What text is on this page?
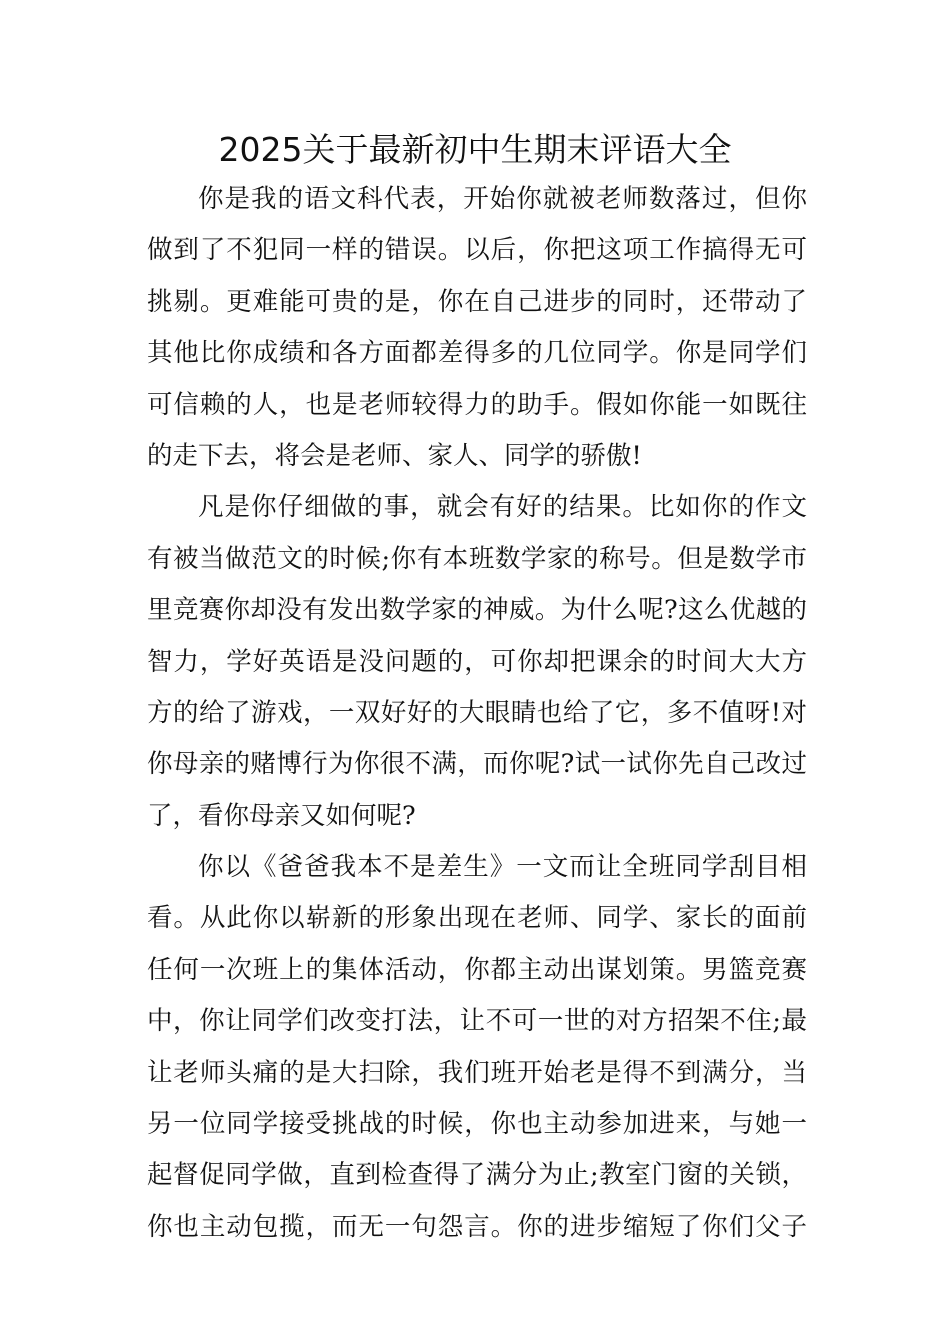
2025关于最新初中生期末评语大全

你是我的语文科代表，开始你就被老师数落过，但你
做到了不犯同一样的错误。以后，你把这项工作搞得无可
挑剔。更难能可贵的是，你在自己进步的同时，还带动了
其他比你成绩和各方面都差得多的几位同学。你是同学们
可信赖的人，也是老师较得力的助手。假如你能一如既往
的走下去，将会是老师、家人、同学的骄傲!

凡是你仔细做的事，就会有好的结果。比如你的作文
有被当做范文的时候;你有本班数学家的称号。但是数学市
里竞赛你却没有发出数学家的神威。为什么呢?这么优越的
智力，学好英语是没问题的，可你却把课余的时间大大方
方的给了游戏，一双好好的大眼睛也给了它，多不值呀!对
你母亲的赌博行为你很不满，而你呢?试一试你先自己改过
了，看你母亲又如何呢?

你以《爸爸我本不是差生》一文而让全班同学刮目相
看。从此你以崭新的形象出现在老师、同学、家长的面前
任何一次班上的集体活动，你都主动出谋划策。男篮竞赛
中，你让同学们改变打法，让不可一世的对方招架不住;最
让老师头痛的是大扫除，我们班开始老是得不到满分，当
另一位同学接受挑战的时候，你也主动参加进来，与她一
起督促同学做，直到检查得了满分为止;教室门窗的关锁，
你也主动包揽，而无一句怨言。你的进步缩短了你们父子
